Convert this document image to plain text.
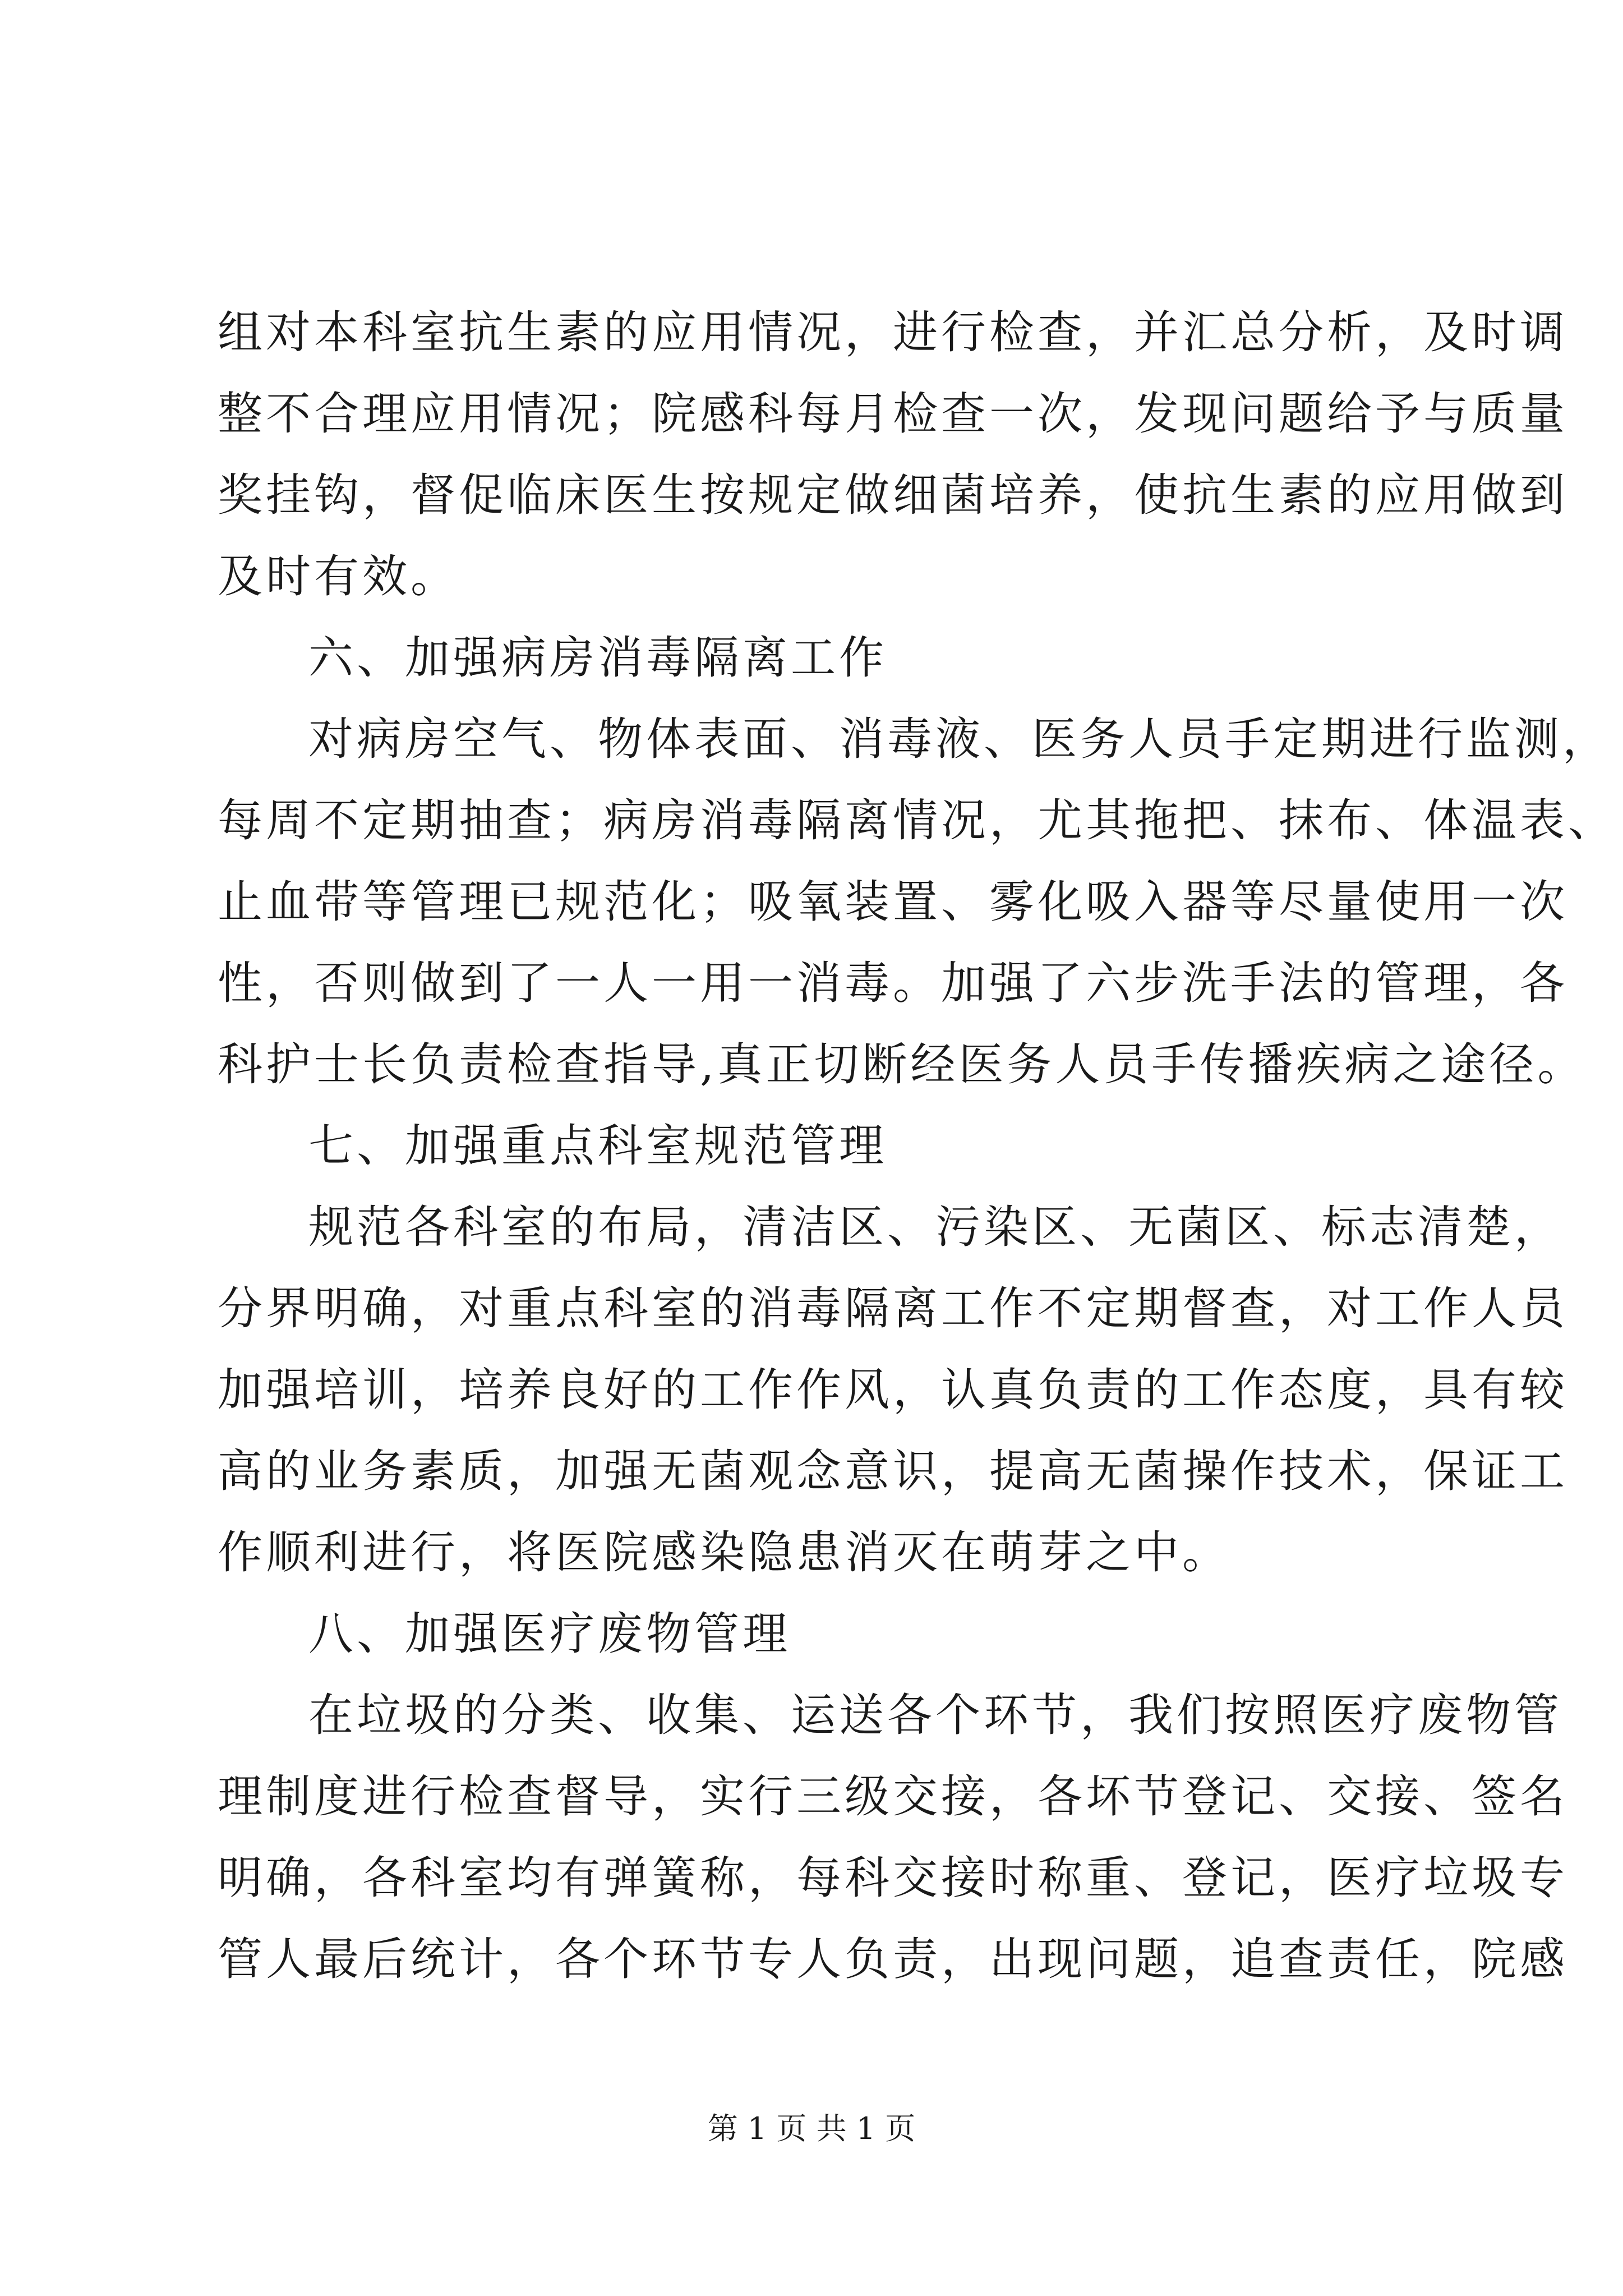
组对本科室抗生素的应用情况，进行检查，并汇总分析，及时调
整不合理应用情况；院感科每月检查一次，发现问题给予与质量
奖挂钩，督促临床医生按规定做细菌培养，使抗生素的应用做到
及时有效。
六、加强病房消毒隔离工作
对病房空气、物体表面、消毒液、医务人员手定期进行监测，
每周不定期抽查；病房消毒隔离情况，尤其拖把、抹布、体温表、
止血带等管理已规范化；吸氧装置、雾化吸入器等尽量使用一次
性，否则做到了一人一用一消毒。加强了六步洗手法的管理，各
科护士长负责检查指导,真正切断经医务人员手传播疾病之途径。
七、加强重点科室规范管理
规范各科室的布局，清洁区、污染区、无菌区、标志清楚，
分界明确，对重点科室的消毒隔离工作不定期督查，对工作人员
加强培训，培养良好的工作作风，认真负责的工作态度，具有较
高的业务素质，加强无菌观念意识，提高无菌操作技术，保证工
作顺利进行，将医院感染隐患消灭在萌芽之中。
八、加强医疗废物管理
在垃圾的分类、收集、运送各个环节，我们按照医疗废物管
理制度进行检查督导，实行三级交接，各坏节登记、交接、签名
明确，各科室均有弹簧称，每科交接时称重、登记，医疗垃圾专
管人最后统计，各个环节专人负责，出现问题，追查责任，院感
第 1 页 共 1 页
